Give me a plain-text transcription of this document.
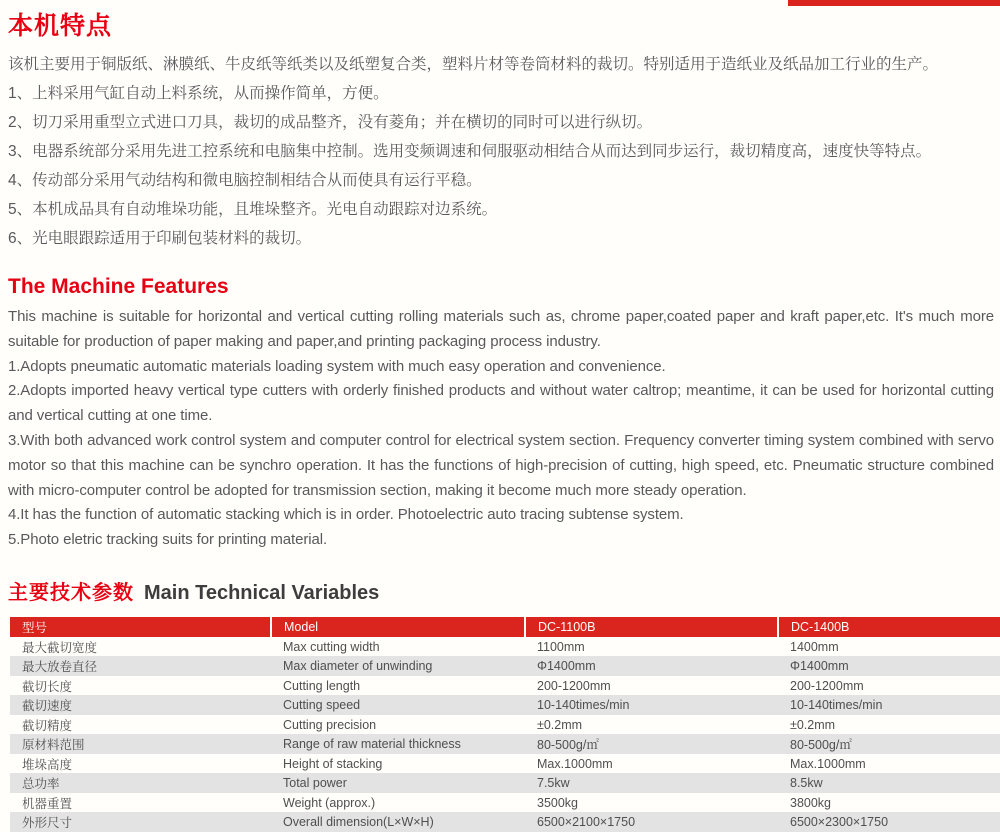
本机特点

该机主要用于铜版纸、淋膜纸、牛皮纸等纸类以及纸塑复合类，塑料片材等卷筒材料的裁切。特别适用于造纸业及纸品加工行业的生产。

1、上料采用气缸自动上料系统，从而操作简单，方便。

2、切刀采用重型立式进口刀具，裁切的成品整齐，没有菱角；并在横切的同时可以进行纵切。

3、电器系统部分采用先进工控系统和电脑集中控制。选用变频调速和伺服驱动相结合从而达到同步运行，裁切精度高，速度快等特点。

4、传动部分采用气动结构和微电脑控制相结合从而使具有运行平稳。

5、本机成品具有自动堆垛功能，且堆垛整齐。光电自动跟踪对边系统。

6、光电眼跟踪适用于印刷包装材料的裁切。

The Machine Features

This machine is suitable for horizontal and vertical cutting rolling materials such as, chrome paper,coated paper and kraft paper,etc. It's much more suitable for production of paper making and paper,and printing packaging process industry.

1.Adopts pneumatic automatic materials loading system with much easy operation and convenience.

2.Adopts imported heavy vertical type cutters with orderly finished products and without water caltrop; meantime, it can be used for horizontal cutting and vertical cutting at one time.

3.With both advanced work control system and computer control for electrical system section. Frequency converter timing system combined with servo motor so that this machine can be synchro operation. It has the functions of high-precision of cutting, high speed, etc. Pneumatic structure combined with micro-computer control be adopted for transmission section, making it become much more steady operation.

4.It has the function of automatic stacking which is in order. Photoelectric auto tracing subtense system.

5.Photo eletric tracking suits for printing material.

主要技术参数 Main Technical Variables
型号	Model	DC-1100B	DC-1400B
最大截切宽度	Max cutting width	1100mm	1400mm
最大放卷直径	Max diameter of unwinding	Φ1400mm	Φ1400mm
截切长度	Cutting length	200-1200mm	200-1200mm
截切速度	Cutting speed	10-140times/min	10-140times/min
截切精度	Cutting precision	±0.2mm	±0.2mm
原材料范围	Range of raw material thickness	80-500g/㎡	80-500g/㎡
堆垛高度	Height of stacking	Max.1000mm	Max.1000mm
总功率	Total power	7.5kw	8.5kw
机器重置	Weight (approx.)	3500kg	3800kg
外形尺寸	Overall dimension(L×W×H)	6500×2100×1750	6500×2300×1750
